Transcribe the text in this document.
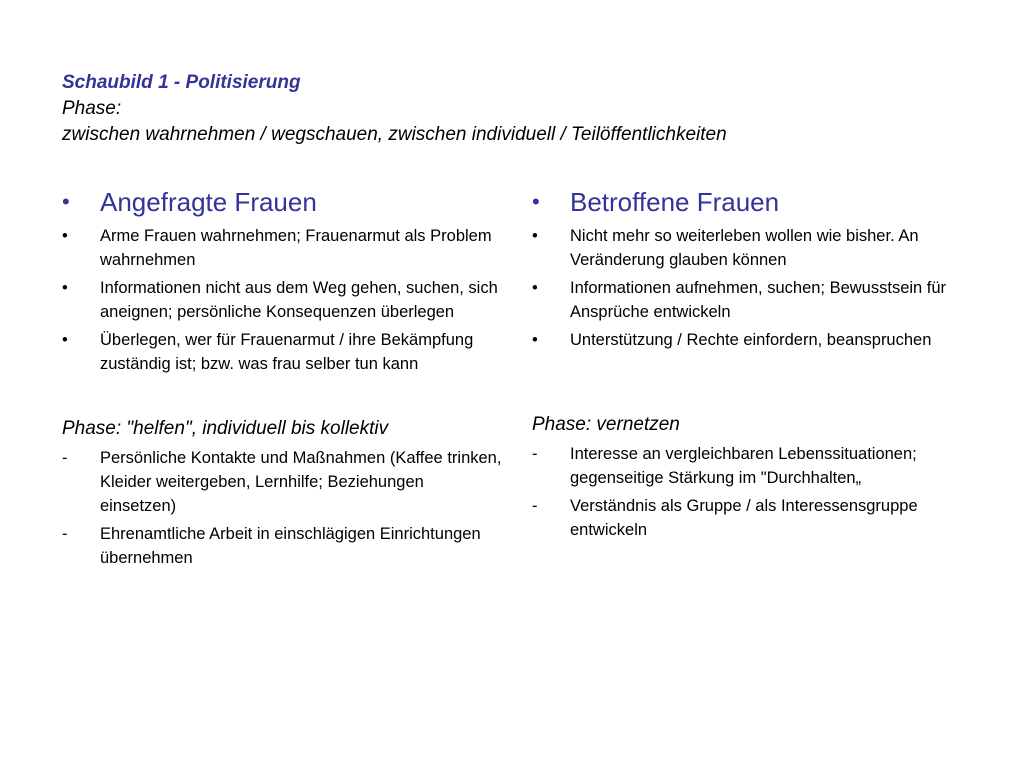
Schaubild 1 - Politisierung
Phase:
zwischen wahrnehmen / wegschauen, zwischen individuell / Teilöffentlichkeiten
• Angefragte Frauen
• Arme Frauen wahrnehmen; Frauenarmut als Problem wahrnehmen
• Informationen nicht aus dem Weg gehen, suchen, sich aneignen; persönliche Konsequenzen überlegen
• Überlegen, wer für Frauenarmut / ihre Bekämpfung zuständig ist; bzw. was frau selber tun kann
Phase: "helfen", individuell bis kollektiv
- Persönliche Kontakte und Maßnahmen (Kaffee trinken, Kleider weitergeben, Lernhilfe; Beziehungen einsetzen)
- Ehrenamtliche Arbeit in einschlägigen Einrichtungen übernehmen
• Betroffene Frauen
• Nicht mehr so weiterleben wollen wie bisher. An Veränderung glauben können
• Informationen aufnehmen, suchen; Bewusstsein für Ansprüche entwickeln
• Unterstützung / Rechte einfordern, beanspruchen
Phase: vernetzen
- Interesse an vergleichbaren Lebenssituationen; gegenseitige Stärkung im "Durchhalten„
- Verständnis als Gruppe / als Interessensgruppe entwickeln
